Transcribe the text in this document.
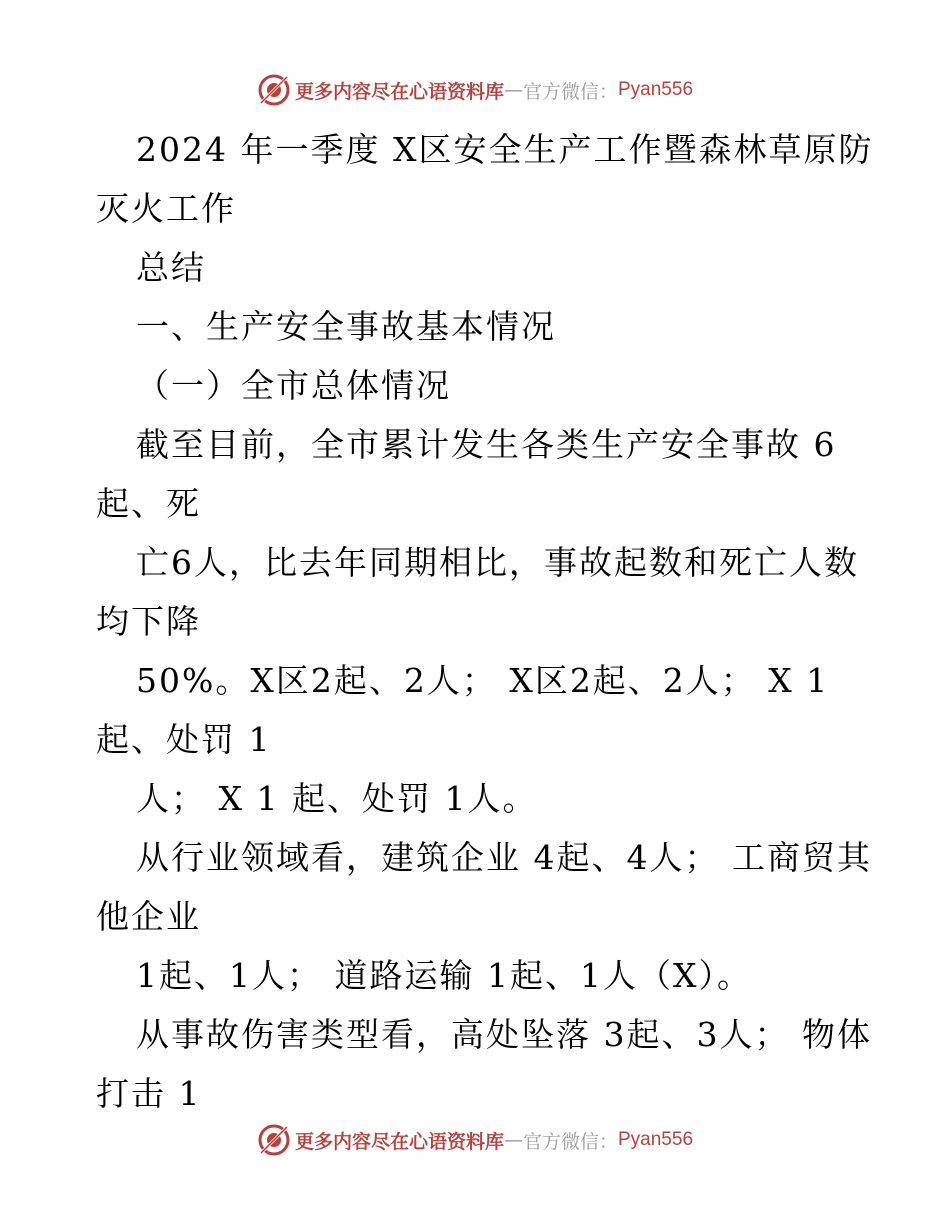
更多内容尽在心语资料库 — 官方微信： Pyan556
2024 年一季度 X区安全生产工作暨森林草原防
灭火工作
总结
一、生产安全事故基本情况
（一）全市总体情况
截至目前，全市累计发生各类生产安全事故 6
起、死
亡6人，比去年同期相比，事故起数和死亡人数
均下降
50%。X区2起、2人； X区2起、2人； X 1
起、处罚 1
人； X 1 起、处罚 1人。
从行业领域看，建筑企业 4起、4人； 工商贸其
他企业
1起、1人； 道路运输 1起、1人（X）。
从事故伤害类型看，高处坠落 3起、3人； 物体
打击 1
更多内容尽在心语资料库 — 官方微信： Pyan556
